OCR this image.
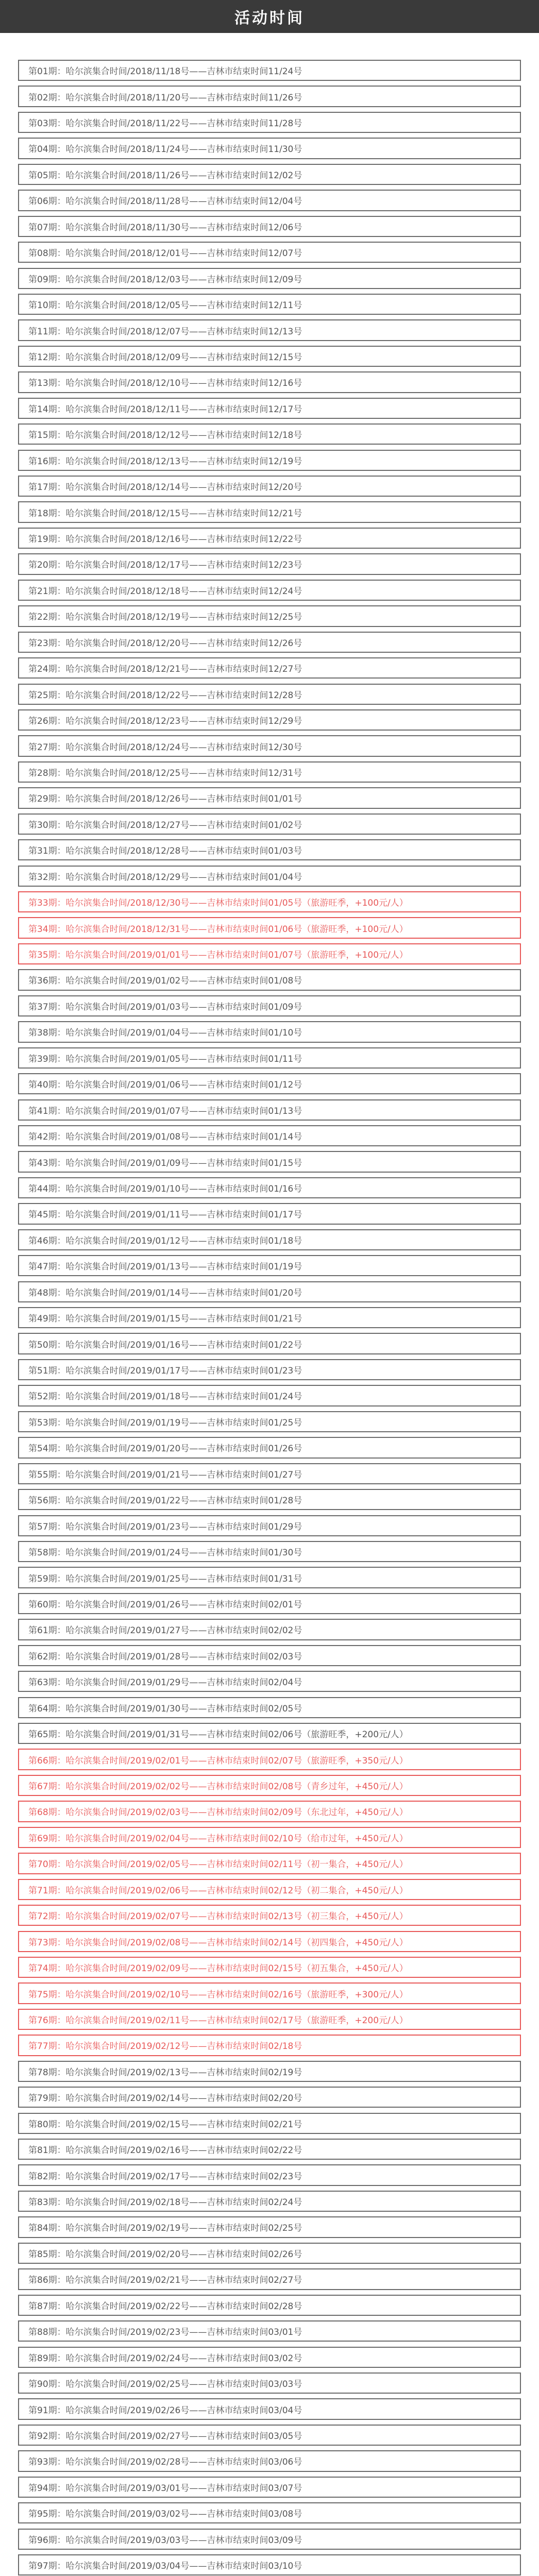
活动时间
第01期：哈尔滨集合时间/2018/11/18号——吉林市结束时间11/24号
第02期：哈尔滨集合时间/2018/11/20号——吉林市结束时间11/26号
第03期：哈尔滨集合时间/2018/11/22号——吉林市结束时间11/28号
第04期：哈尔滨集合时间/2018/11/24号——吉林市结束时间11/30号
第05期：哈尔滨集合时间/2018/11/26号——吉林市结束时间12/02号
第06期：哈尔滨集合时间/2018/11/28号——吉林市结束时间12/04号
第07期：哈尔滨集合时间/2018/11/30号——吉林市结束时间12/06号
第08期：哈尔滨集合时间/2018/12/01号——吉林市结束时间12/07号
第09期：哈尔滨集合时间/2018/12/03号——吉林市结束时间12/09号
第10期：哈尔滨集合时间/2018/12/05号——吉林市结束时间12/11号
第11期：哈尔滨集合时间/2018/12/07号——吉林市结束时间12/13号
第12期：哈尔滨集合时间/2018/12/09号——吉林市结束时间12/15号
第13期：哈尔滨集合时间/2018/12/10号——吉林市结束时间12/16号
第14期：哈尔滨集合时间/2018/12/11号——吉林市结束时间12/17号
第15期：哈尔滨集合时间/2018/12/12号——吉林市结束时间12/18号
第16期：哈尔滨集合时间/2018/12/13号——吉林市结束时间12/19号
第17期：哈尔滨集合时间/2018/12/14号——吉林市结束时间12/20号
第18期：哈尔滨集合时间/2018/12/15号——吉林市结束时间12/21号
第19期：哈尔滨集合时间/2018/12/16号——吉林市结束时间12/22号
第20期：哈尔滨集合时间/2018/12/17号——吉林市结束时间12/23号
第21期：哈尔滨集合时间/2018/12/18号——吉林市结束时间12/24号
第22期：哈尔滨集合时间/2018/12/19号——吉林市结束时间12/25号
第23期：哈尔滨集合时间/2018/12/20号——吉林市结束时间12/26号
第24期：哈尔滨集合时间/2018/12/21号——吉林市结束时间12/27号
第25期：哈尔滨集合时间/2018/12/22号——吉林市结束时间12/28号
第26期：哈尔滨集合时间/2018/12/23号——吉林市结束时间12/29号
第27期：哈尔滨集合时间/2018/12/24号——吉林市结束时间12/30号
第28期：哈尔滨集合时间/2018/12/25号——吉林市结束时间12/31号
第29期：哈尔滨集合时间/2018/12/26号——吉林市结束时间01/01号
第30期：哈尔滨集合时间/2018/12/27号——吉林市结束时间01/02号
第31期：哈尔滨集合时间/2018/12/28号——吉林市结束时间01/03号
第32期：哈尔滨集合时间/2018/12/29号——吉林市结束时间01/04号
第33期：哈尔滨集合时间/2018/12/30号——吉林市结束时间01/05号（旅游旺季，+100元/人）
第34期：哈尔滨集合时间/2018/12/31号——吉林市结束时间01/06号（旅游旺季，+100元/人）
第35期：哈尔滨集合时间/2019/01/01号——吉林市结束时间01/07号（旅游旺季，+100元/人）
第36期：哈尔滨集合时间/2019/01/02号——吉林市结束时间01/08号
第37期：哈尔滨集合时间/2019/01/03号——吉林市结束时间01/09号
第38期：哈尔滨集合时间/2019/01/04号——吉林市结束时间01/10号
第39期：哈尔滨集合时间/2019/01/05号——吉林市结束时间01/11号
第40期：哈尔滨集合时间/2019/01/06号——吉林市结束时间01/12号
第41期：哈尔滨集合时间/2019/01/07号——吉林市结束时间01/13号
第42期：哈尔滨集合时间/2019/01/08号——吉林市结束时间01/14号
第43期：哈尔滨集合时间/2019/01/09号——吉林市结束时间01/15号
第44期：哈尔滨集合时间/2019/01/10号——吉林市结束时间01/16号
第45期：哈尔滨集合时间/2019/01/11号——吉林市结束时间01/17号
第46期：哈尔滨集合时间/2019/01/12号——吉林市结束时间01/18号
第47期：哈尔滨集合时间/2019/01/13号——吉林市结束时间01/19号
第48期：哈尔滨集合时间/2019/01/14号——吉林市结束时间01/20号
第49期：哈尔滨集合时间/2019/01/15号——吉林市结束时间01/21号
第50期：哈尔滨集合时间/2019/01/16号——吉林市结束时间01/22号
第51期：哈尔滨集合时间/2019/01/17号——吉林市结束时间01/23号
第52期：哈尔滨集合时间/2019/01/18号——吉林市结束时间01/24号
第53期：哈尔滨集合时间/2019/01/19号——吉林市结束时间01/25号
第54期：哈尔滨集合时间/2019/01/20号——吉林市结束时间01/26号
第55期：哈尔滨集合时间/2019/01/21号——吉林市结束时间01/27号
第56期：哈尔滨集合时间/2019/01/22号——吉林市结束时间01/28号
第57期：哈尔滨集合时间/2019/01/23号——吉林市结束时间01/29号
第58期：哈尔滨集合时间/2019/01/24号——吉林市结束时间01/30号
第59期：哈尔滨集合时间/2019/01/25号——吉林市结束时间01/31号
第60期：哈尔滨集合时间/2019/01/26号——吉林市结束时间02/01号
第61期：哈尔滨集合时间/2019/01/27号——吉林市结束时间02/02号
第62期：哈尔滨集合时间/2019/01/28号——吉林市结束时间02/03号
第63期：哈尔滨集合时间/2019/01/29号——吉林市结束时间02/04号
第64期：哈尔滨集合时间/2019/01/30号——吉林市结束时间02/05号
第65期：哈尔滨集合时间/2019/01/31号——吉林市结束时间02/06号（旅游旺季，+200元/人）
第66期：哈尔滨集合时间/2019/02/01号——吉林市结束时间02/07号（旅游旺季，+350元/人）
第67期：哈尔滨集合时间/2019/02/02号——吉林市结束时间02/08号（青乡过年，+450元/人）
第68期：哈尔滨集合时间/2019/02/03号——吉林市结束时间02/09号（东北过年，+450元/人）
第69期：哈尔滨集合时间/2019/02/04号——吉林市结束时间02/10号（给市过年，+450元/人）
第70期：哈尔滨集合时间/2019/02/05号——吉林市结束时间02/11号（初一集合，+450元/人）
第71期：哈尔滨集合时间/2019/02/06号——吉林市结束时间02/12号（初二集合，+450元/人）
第72期：哈尔滨集合时间/2019/02/07号——吉林市结束时间02/13号（初三集合，+450元/人）
第73期：哈尔滨集合时间/2019/02/08号——吉林市结束时间02/14号（初四集合，+450元/人）
第74期：哈尔滨集合时间/2019/02/09号——吉林市结束时间02/15号（初五集合，+450元/人）
第75期：哈尔滨集合时间/2019/02/10号——吉林市结束时间02/16号（旅游旺季，+300元/人）
第76期：哈尔滨集合时间/2019/02/11号——吉林市结束时间02/17号（旅游旺季，+200元/人）
第77期：哈尔滨集合时间/2019/02/12号——吉林市结束时间02/18号
第78期：哈尔滨集合时间/2019/02/13号——吉林市结束时间02/19号
第79期：哈尔滨集合时间/2019/02/14号——吉林市结束时间02/20号
第80期：哈尔滨集合时间/2019/02/15号——吉林市结束时间02/21号
第81期：哈尔滨集合时间/2019/02/16号——吉林市结束时间02/22号
第82期：哈尔滨集合时间/2019/02/17号——吉林市结束时间02/23号
第83期：哈尔滨集合时间/2019/02/18号——吉林市结束时间02/24号
第84期：哈尔滨集合时间/2019/02/19号——吉林市结束时间02/25号
第85期：哈尔滨集合时间/2019/02/20号——吉林市结束时间02/26号
第86期：哈尔滨集合时间/2019/02/21号——吉林市结束时间02/27号
第87期：哈尔滨集合时间/2019/02/22号——吉林市结束时间02/28号
第88期：哈尔滨集合时间/2019/02/23号——吉林市结束时间03/01号
第89期：哈尔滨集合时间/2019/02/24号——吉林市结束时间03/02号
第90期：哈尔滨集合时间/2019/02/25号——吉林市结束时间03/03号
第91期：哈尔滨集合时间/2019/02/26号——吉林市结束时间03/04号
第92期：哈尔滨集合时间/2019/02/27号——吉林市结束时间03/05号
第93期：哈尔滨集合时间/2019/02/28号——吉林市结束时间03/06号
第94期：哈尔滨集合时间/2019/03/01号——吉林市结束时间03/07号
第95期：哈尔滨集合时间/2019/03/02号——吉林市结束时间03/08号
第96期：哈尔滨集合时间/2019/03/03号——吉林市结束时间03/09号
第97期：哈尔滨集合时间/2019/03/04号——吉林市结束时间03/10号
